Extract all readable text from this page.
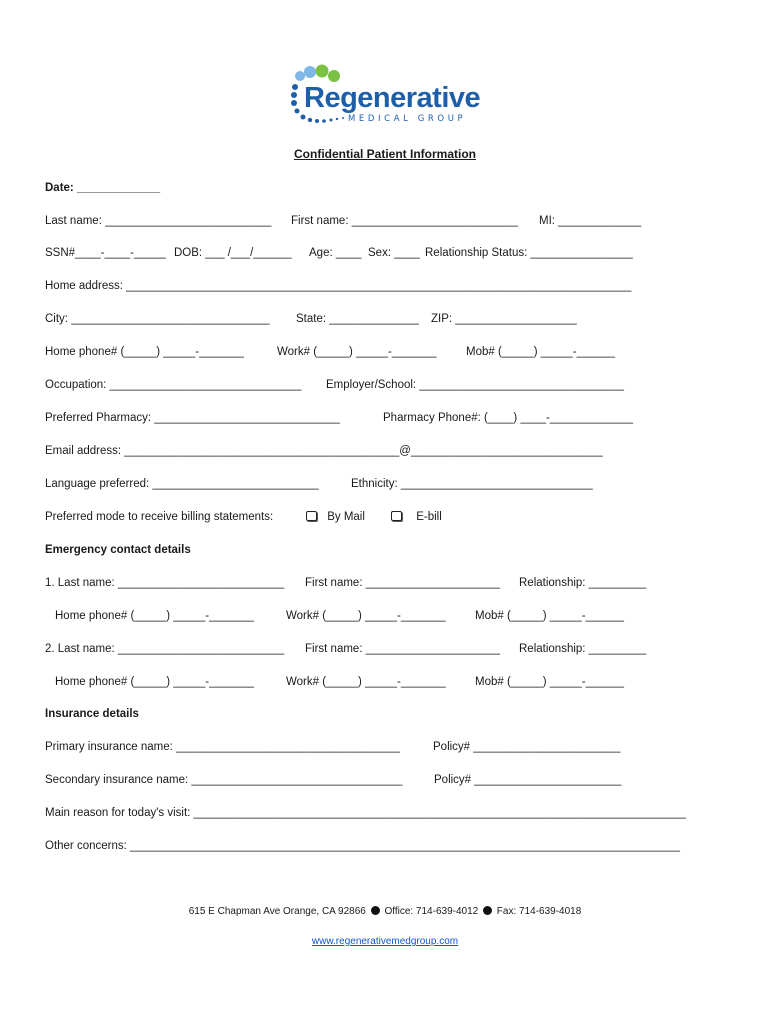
Regenerative
MEDICAL GROUP
Confidential Patient Information
Date: _____________
Last name: __________________________ First name: __________________________ MI: _____________
SSN#____-____-_____ DOB: ___ /___/______ Age: ____ Sex: ____ Relationship Status: ________________
Home address: _______________________________________________________________________________
City: _______________________________ State: ______________ ZIP: ___________________
Home phone# (_____) _____-_______	Work# (_____) _____-_______	Mob# (_____) _____-______
Occupation: ______________________________ Employer/School: ________________________________
Preferred Pharmacy: _____________________________	Pharmacy Phone#: (____) ____-_____________
Email address: ___________________________________________@______________________________
Language preferred: __________________________	Ethnicity: ______________________________
Preferred mode to receive billing statements:	By Mail	E-bill
Emergency contact details
1. Last name: __________________________ First name: _____________________ Relationship: _________
Home phone# (_____) _____-_______	Work# (_____) _____-_______	Mob# (_____) _____-______
2. Last name: __________________________ First name: _____________________ Relationship: _________
Home phone# (_____) _____-_______	Work# (_____) _____-_______	Mob# (_____) _____-______
Insurance details
Primary insurance name: ___________________________________	Policy# _______________________
Secondary insurance name: _________________________________	Policy# _______________________
Main reason for today's visit: _____________________________________________________________________________
Other concerns: ______________________________________________________________________________________
615 E Chapman Ave Orange, CA 92866 Office: 714-639-4012 Fax: 714-639-4018
www.regenerativemedgroup.com
